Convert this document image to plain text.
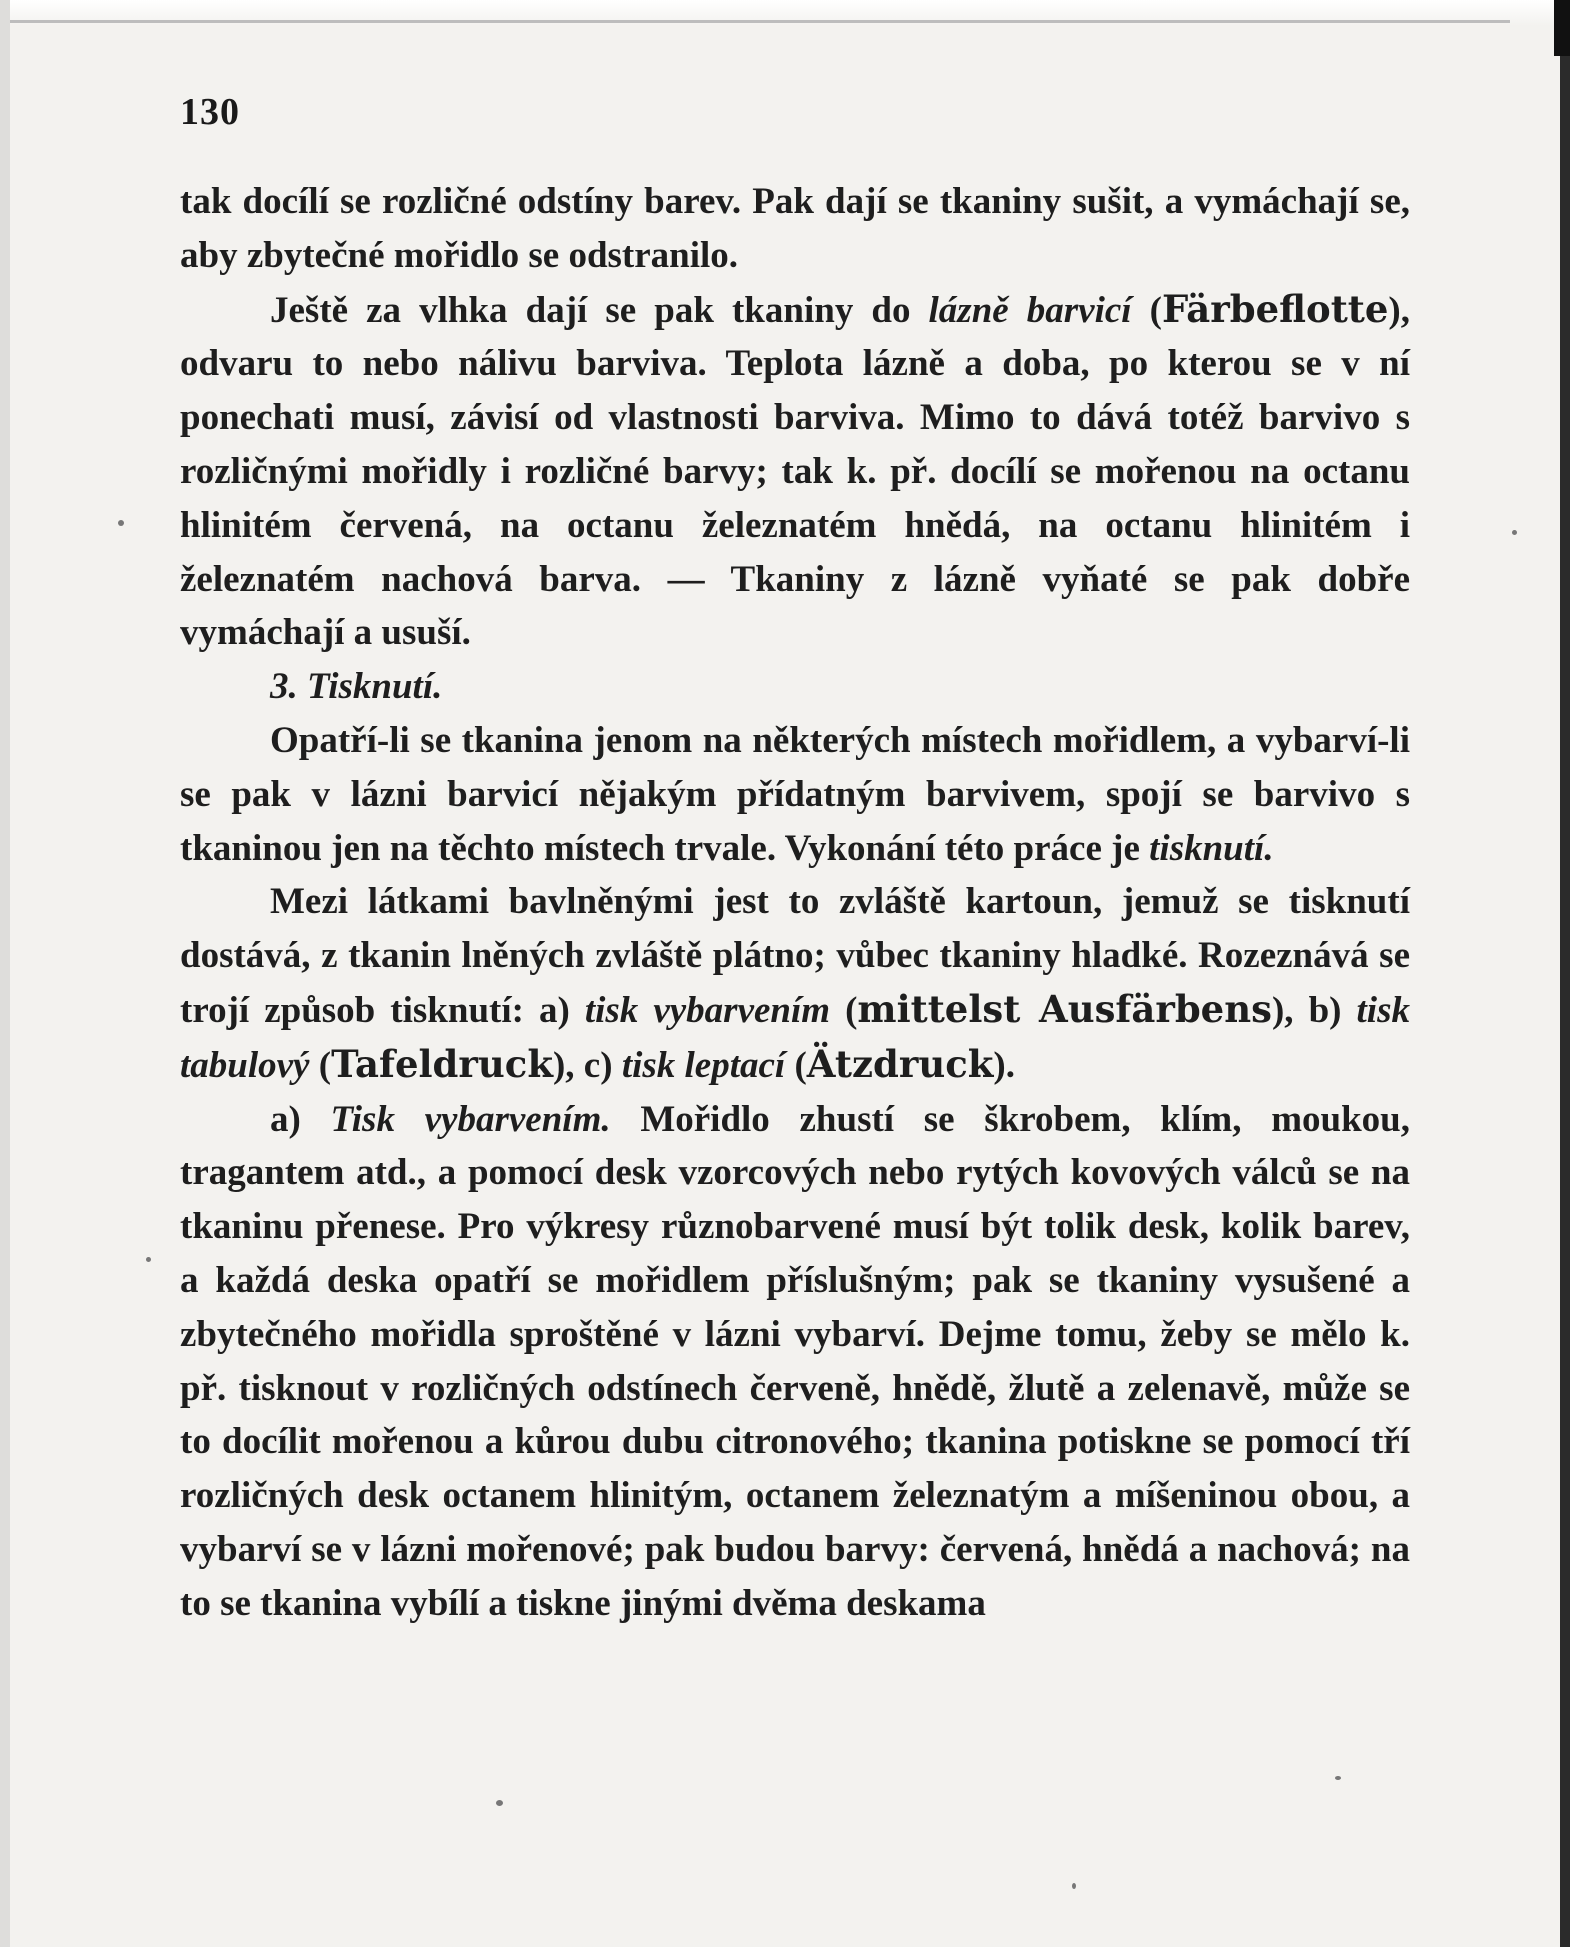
130

tak docílí se rozličné odstíny barev. Pak dají se tkaniny sušit, a vymáchají se, aby zbytečné mořidlo se odstranilo.

Ještě za vlhka dají se pak tkaniny do lázně barvicí (Färbeflotte), odvaru to nebo nálivu barviva. Teplota lázně a doba, po kterou se v ní ponechati musí, závisí od vlastnosti barviva. Mimo to dává totéž barvivo s rozličnými mořidly i rozličné barvy; tak k. př. docílí se mořenou na octanu hlinitém červená, na octanu železnatém hnědá, na octanu hlinitém i železnatém nachová barva. — Tkaniny z lázně vyňaté se pak dobře vymáchají a usuší.

3. Tisknutí.

Opatří-li se tkanina jenom na některých místech mořidlem, a vybarví-li se pak v lázni barvicí nějakým přídatným barvivem, spojí se barvivo s tkaninou jen na těchto místech trvale. Vykonání této práce je tisknutí.

Mezi látkami bavlněnými jest to zvláště kartoun, jemuž se tisknutí dostává, z tkanin lněných zvláště plátno; vůbec tkaniny hladké. Rozeznává se trojí způsob tisknutí: a) tisk vybarvením (mittelst Ausfärbens), b) tisk tabulový (Tafeldruck), c) tisk leptací (Ätzdruck).

a) Tisk vybarvením. Mořidlo zhustí se škrobem, klím, moukou, tragantem atd., a pomocí desk vzorcových nebo rytých kovových válců se na tkaninu přenese. Pro výkresy různobarvené musí být tolik desk, kolik barev, a každá deska opatří se mořidlem příslušným; pak se tkaniny vysušené a zbytečného mořidla sproštěné v lázni vybarví. Dejme tomu, žeby se mělo k. př. tisknout v rozličných odstínech červeně, hnědě, žlutě a zelenavě, může se to docílit mořenou a kůrou dubu citronového; tkanina potiskne se pomocí tří rozličných desk octanem hlinitým, octanem železnatým a míšeninou obou, a vybarví se v lázni mořenové; pak budou barvy: červená, hnědá a nachová; na to se tkanina vybílí a tiskne jinými dvěma deskama
